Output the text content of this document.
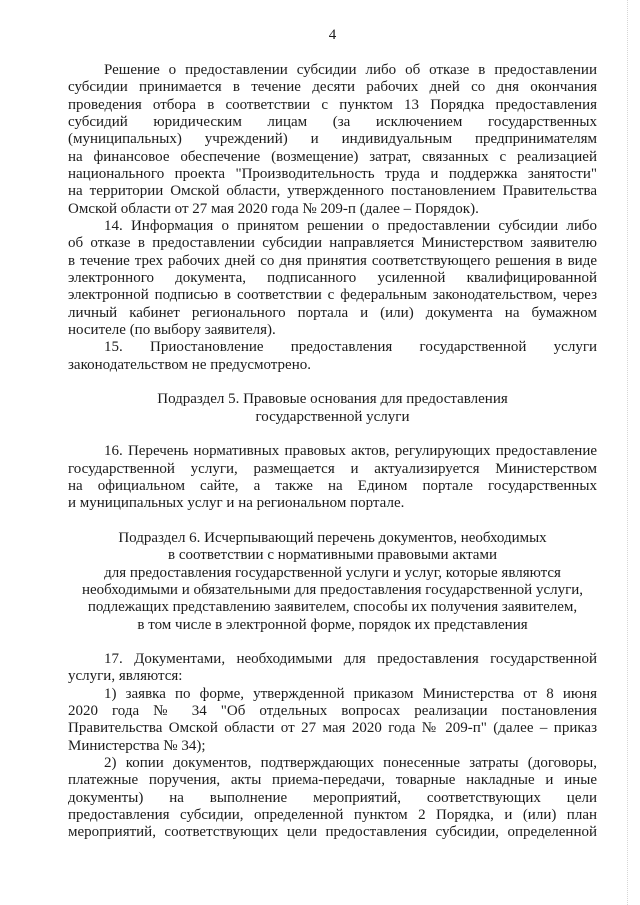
4
Решение о предоставлении субсидии либо об отказе в предоставлении
субсидии принимается в течение десяти рабочих дней со дня окончания
проведения отбора в соответствии с пунктом 13 Порядка предоставления
субсидий юридическим лицам (за исключением государственных
(муниципальных) учреждений) и индивидуальным предпринимателям
на финансовое обеспечение (возмещение) затрат, связанных с реализацией
национального проекта "Производительность труда и поддержка занятости"
на территории Омской области, утвержденного постановлением Правительства
Омской области от 27 мая 2020 года № 209-п (далее – Порядок).
14. Информация о принятом решении о предоставлении субсидии либо
об отказе в предоставлении субсидии направляется Министерством заявителю
в течение трех рабочих дней со дня принятия соответствующего решения в виде
электронного документа, подписанного усиленной квалифицированной
электронной подписью в соответствии с федеральным законодательством, через
личный кабинет регионального портала и (или) документа на бумажном
носителе (по выбору заявителя).
15. Приостановление предоставления государственной услуги
законодательством не предусмотрено.
Подраздел 5. Правовые основания для предоставления
государственной услуги
16. Перечень нормативных правовых актов, регулирующих предоставление
государственной услуги, размещается и актуализируется Министерством
на официальном сайте, а также на Едином портале государственных
и муниципальных услуг и на региональном портале.
Подраздел 6. Исчерпывающий перечень документов, необходимых
в соответствии с нормативными правовыми актами
для предоставления государственной услуги и услуг, которые являются
необходимыми и обязательными для предоставления государственной услуги,
подлежащих представлению заявителем, способы их получения заявителем,
в том числе в электронной форме, порядок их представления
17. Документами, необходимыми для предоставления государственной
услуги, являются:
1) заявка по форме, утвержденной приказом Министерства от 8 июня
2020 года № 34 "Об отдельных вопросах реализации постановления
Правительства Омской области от 27 мая 2020 года № 209-п" (далее – приказ
Министерства № 34);
2) копии документов, подтверждающих понесенные затраты (договоры,
платежные поручения, акты приема-передачи, товарные накладные и иные
документы) на выполнение мероприятий, соответствующих цели
предоставления субсидии, определенной пунктом 2 Порядка, и (или) план
мероприятий, соответствующих цели предоставления субсидии, определенной
